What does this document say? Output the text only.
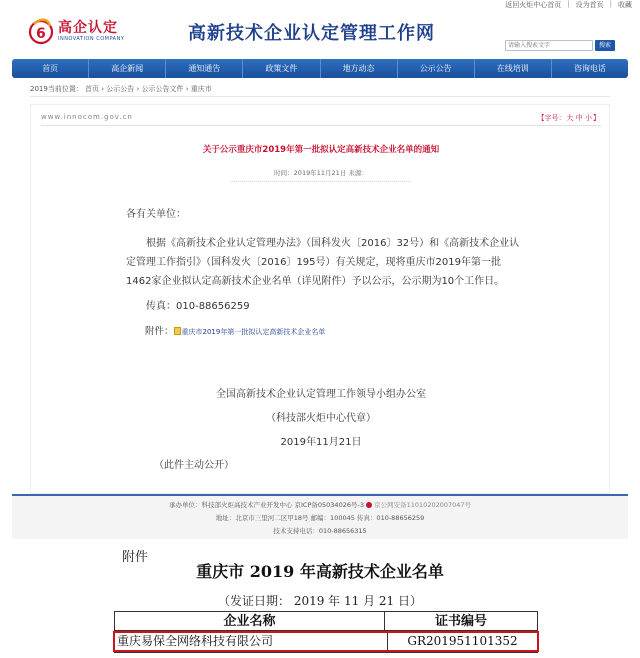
返回火炬中心首页 | 设为首页 | 收藏
6 高企认定
INNOVATION COMPANY	高新技术企业认定管理工作网
请输入搜索文字	搜索
首页	高企新闻	通知通告	政策文件	地方动态	公示公告	在线培训	咨询电话
2019当前位置： 首页 › 公示公告 › 公示公告文件 › 重庆市
www.innocom.gov.cn	【字号：大 中 小】
关于公示重庆市2019年第一批拟认定高新技术企业名单的通知
时间：2019年11月21日 来源：
各有关单位：
根据《高新技术企业认定管理办法》（国科发火〔2016〕32号）和《高新技术企业认定管理工作指引》（国科发火〔2016〕195号）有关规定，现将重庆市2019年第一批1462家企业拟认定高新技术企业名单（详见附件）予以公示，公示期为10个工作日。
传真：010-88656259
附件： 重庆市2019年第一批拟认定高新技术企业名单
全国高新技术企业认定管理工作领导小组办公室
（科技部火炬中心代章）
2019年11月21日
（此件主动公开）
承办单位：科技部火炬高技术产业开发中心 京ICP备05034026号-3 京公网安备11010202007047号
地址：北京市三里河二区甲18号 邮编：100045 传真：010-88656259
技术支持电话：010-88656315
附件
重庆市 2019 年高新技术企业名单
（发证日期： 2019 年 11 月 21 日）
企业名称	证书编号
重庆易保全网络科技有限公司	GR201951101352
